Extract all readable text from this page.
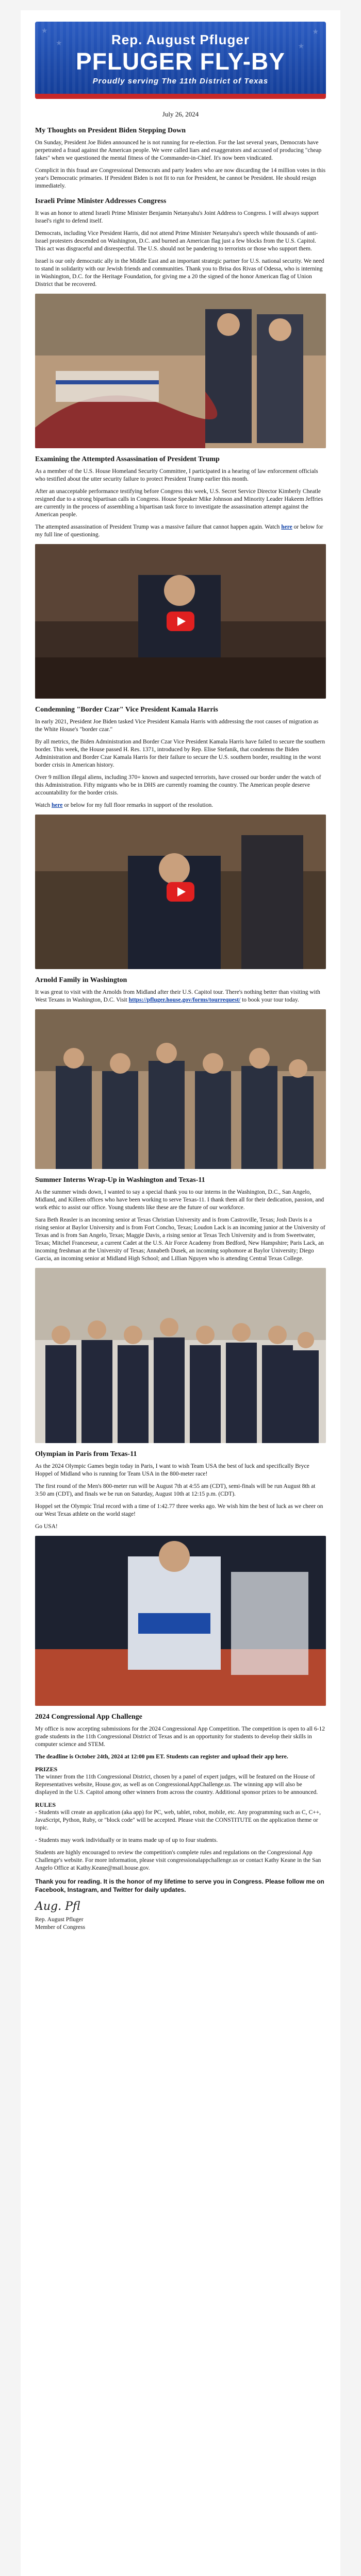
★
★
★
★
Rep. August Pfluger
PFLUGER FLY-BY
Proudly serving The 11th District of Texas
July 26, 2024
My Thoughts on President Biden Stepping Down

On Sunday, President Joe Biden announced he is not running for re-election. For the last several years, Democrats have perpetrated a fraud against the American people. We were called liars and exaggerators and accused of producing "cheap fakes" when we questioned the mental fitness of the Commander-in-Chief. It's now been vindicated.

Complicit in this fraud are Congressional Democrats and party leaders who are now discarding the 14 million votes in this year's Democratic primaries. If President Biden is not fit to run for President, he cannot be President. He should resign immediately.

Israeli Prime Minister Addresses Congress

It was an honor to attend Israeli Prime Minister Benjamin Netanyahu's Joint Address to Congress. I will always support Israel's right to defend itself.

Democrats, including Vice President Harris, did not attend Prime Minister Netanyahu's speech while thousands of anti-Israel protesters descended on Washington, D.C. and burned an American flag just a few blocks from the U.S. Capitol. This act was disgraceful and disrespectful. The U.S. should not be pandering to terrorists or those who support them.

Israel is our only democratic ally in the Middle East and an important strategic partner for U.S. national security. We need to stand in solidarity with our Jewish friends and communities. Thank you to Brisa dos Rivas of Odessa, who is interning in Washington, D.C. for the Heritage Foundation, for giving me a 20 the signed of the honor American flag of Union District that be recovered.

Examining the Attempted Assassination of President Trump

As a member of the U.S. House Homeland Security Committee, I participated in a hearing of law enforcement officials who testified about the utter security failure to protect President Trump earlier this month.

After an unacceptable performance testifying before Congress this week, U.S. Secret Service Director Kimberly Cheatle resigned due to a strong bipartisan calls in Congress. House Speaker Mike Johnson and Minority Leader Hakeem Jeffries are currently in the process of assembling a bipartisan task force to investigate the assassination attempt against the American people.

The attempted assassination of President Trump was a massive failure that cannot happen again. Watch here or below for my full line of questioning.

Condemning "Border Czar" Vice President Kamala Harris

In early 2021, President Joe Biden tasked Vice President Kamala Harris with addressing the root causes of migration as the White House's "border czar."

By all metrics, the Biden Administration and Border Czar Vice President Kamala Harris have failed to secure the southern border. This week, the House passed H. Res. 1371, introduced by Rep. Elise Stefanik, that condemns the Biden Administration and Border Czar Kamala Harris for their failure to secure the U.S. southern border, resulting in the worst border crisis in American history.

Over 9 million illegal aliens, including 370+ known and suspected terrorists, have crossed our border under the watch of this Administration. Fifty migrants who be in DHS are currently roaming the country. The American people deserve accountability for the border crisis.

Watch here or below for my full floor remarks in support of the resolution.

Arnold Family in Washington

It was great to visit with the Arnolds from Midland after their U.S. Capitol tour. There's nothing better than visiting with West Texans in Washington, D.C. Visit https://pfluger.house.gov/forms/tourrequest/ to book your tour today.

Summer Interns Wrap-Up in Washington and Texas-11

As the summer winds down, I wanted to say a special thank you to our interns in the Washington, D.C., San Angelo, Midland, and Killeen offices who have been working to serve Texas-11. I thank them all for their dedication, passion, and work ethic to assist our office. Young students like these are the future of our workforce.

Sara Beth Reasler is an incoming senior at Texas Christian University and is from Castroville, Texas; Josh Davis is a rising senior at Baylor University and is from Fort Concho, Texas; Loudon Lack is an incoming junior at the University of Texas and is from San Angelo, Texas; Maggie Davis, a rising senior at Texas Tech University and is from Sweetwater, Texas; Mitchel Franceseur, a current Cadet at the U.S. Air Force Academy from Bedford, New Hampshire; Paris Lack, an incoming freshman at the University of Texas; Annabeth Dusek, an incoming sophomore at Baylor University; Diego Garcia, an incoming senior at Midland High School; and Lillian Nguyen who is attending Central Texas College.

Olympian in Paris from Texas-11

As the 2024 Olympic Games begin today in Paris, I want to wish Team USA the best of luck and specifically Bryce Hoppel of Midland who is running for Team USA in the 800-meter race!

The first round of the Men's 800-meter run will be August 7th at 4:55 am (CDT), semi-finals will be run August 8th at 3:50 am (CDT), and finals we be run on Saturday, August 10th at 12:15 p.m. (CDT).

Hoppel set the Olympic Trial record with a time of 1:42.77 three weeks ago. We wish him the best of luck as we cheer on our West Texas athlete on the world stage!

Go USA!

2024 Congressional App Challenge

My office is now accepting submissions for the 2024 Congressional App Competition. The competition is open to all 6-12 grade students in the 11th Congressional District of Texas and is an opportunity for students to develop their skills in computer science and STEM.

The deadline is October 24th, 2024 at 12:00 pm ET. Students can register and upload their app here.

PRIZES

The winner from the 11th Congressional District, chosen by a panel of expert judges, will be featured on the House of Representatives website, House.gov, as well as on CongressionalAppChallenge.us. The winning app will also be displayed in the U.S. Capitol among other winners from across the country. Additional sponsor prizes to be announced.

RULES

- Students will create an application (aka app) for PC, web, tablet, robot, mobile, etc. Any programming such as C, C++, JavaScript, Python, Ruby, or "block code" will be accepted. Please visit the CONSTITUTE on the application theme or topic.

- Students may work individually or in teams made up of up to four students.

Students are highly encouraged to review the competition's complete rules and regulations on the Congressional App Challenge's website. For more information, please visit congressionalappchallenge.us or contact Kathy Keane in the San Angelo Office at Kathy.Keane@mail.house.gov.

Thank you for reading. It is the honor of my lifetime to serve you in Congress. Please follow me on Facebook, Instagram, and Twitter for daily updates.
Aug. Pfl

Rep. August Pfluger

Member of Congress
